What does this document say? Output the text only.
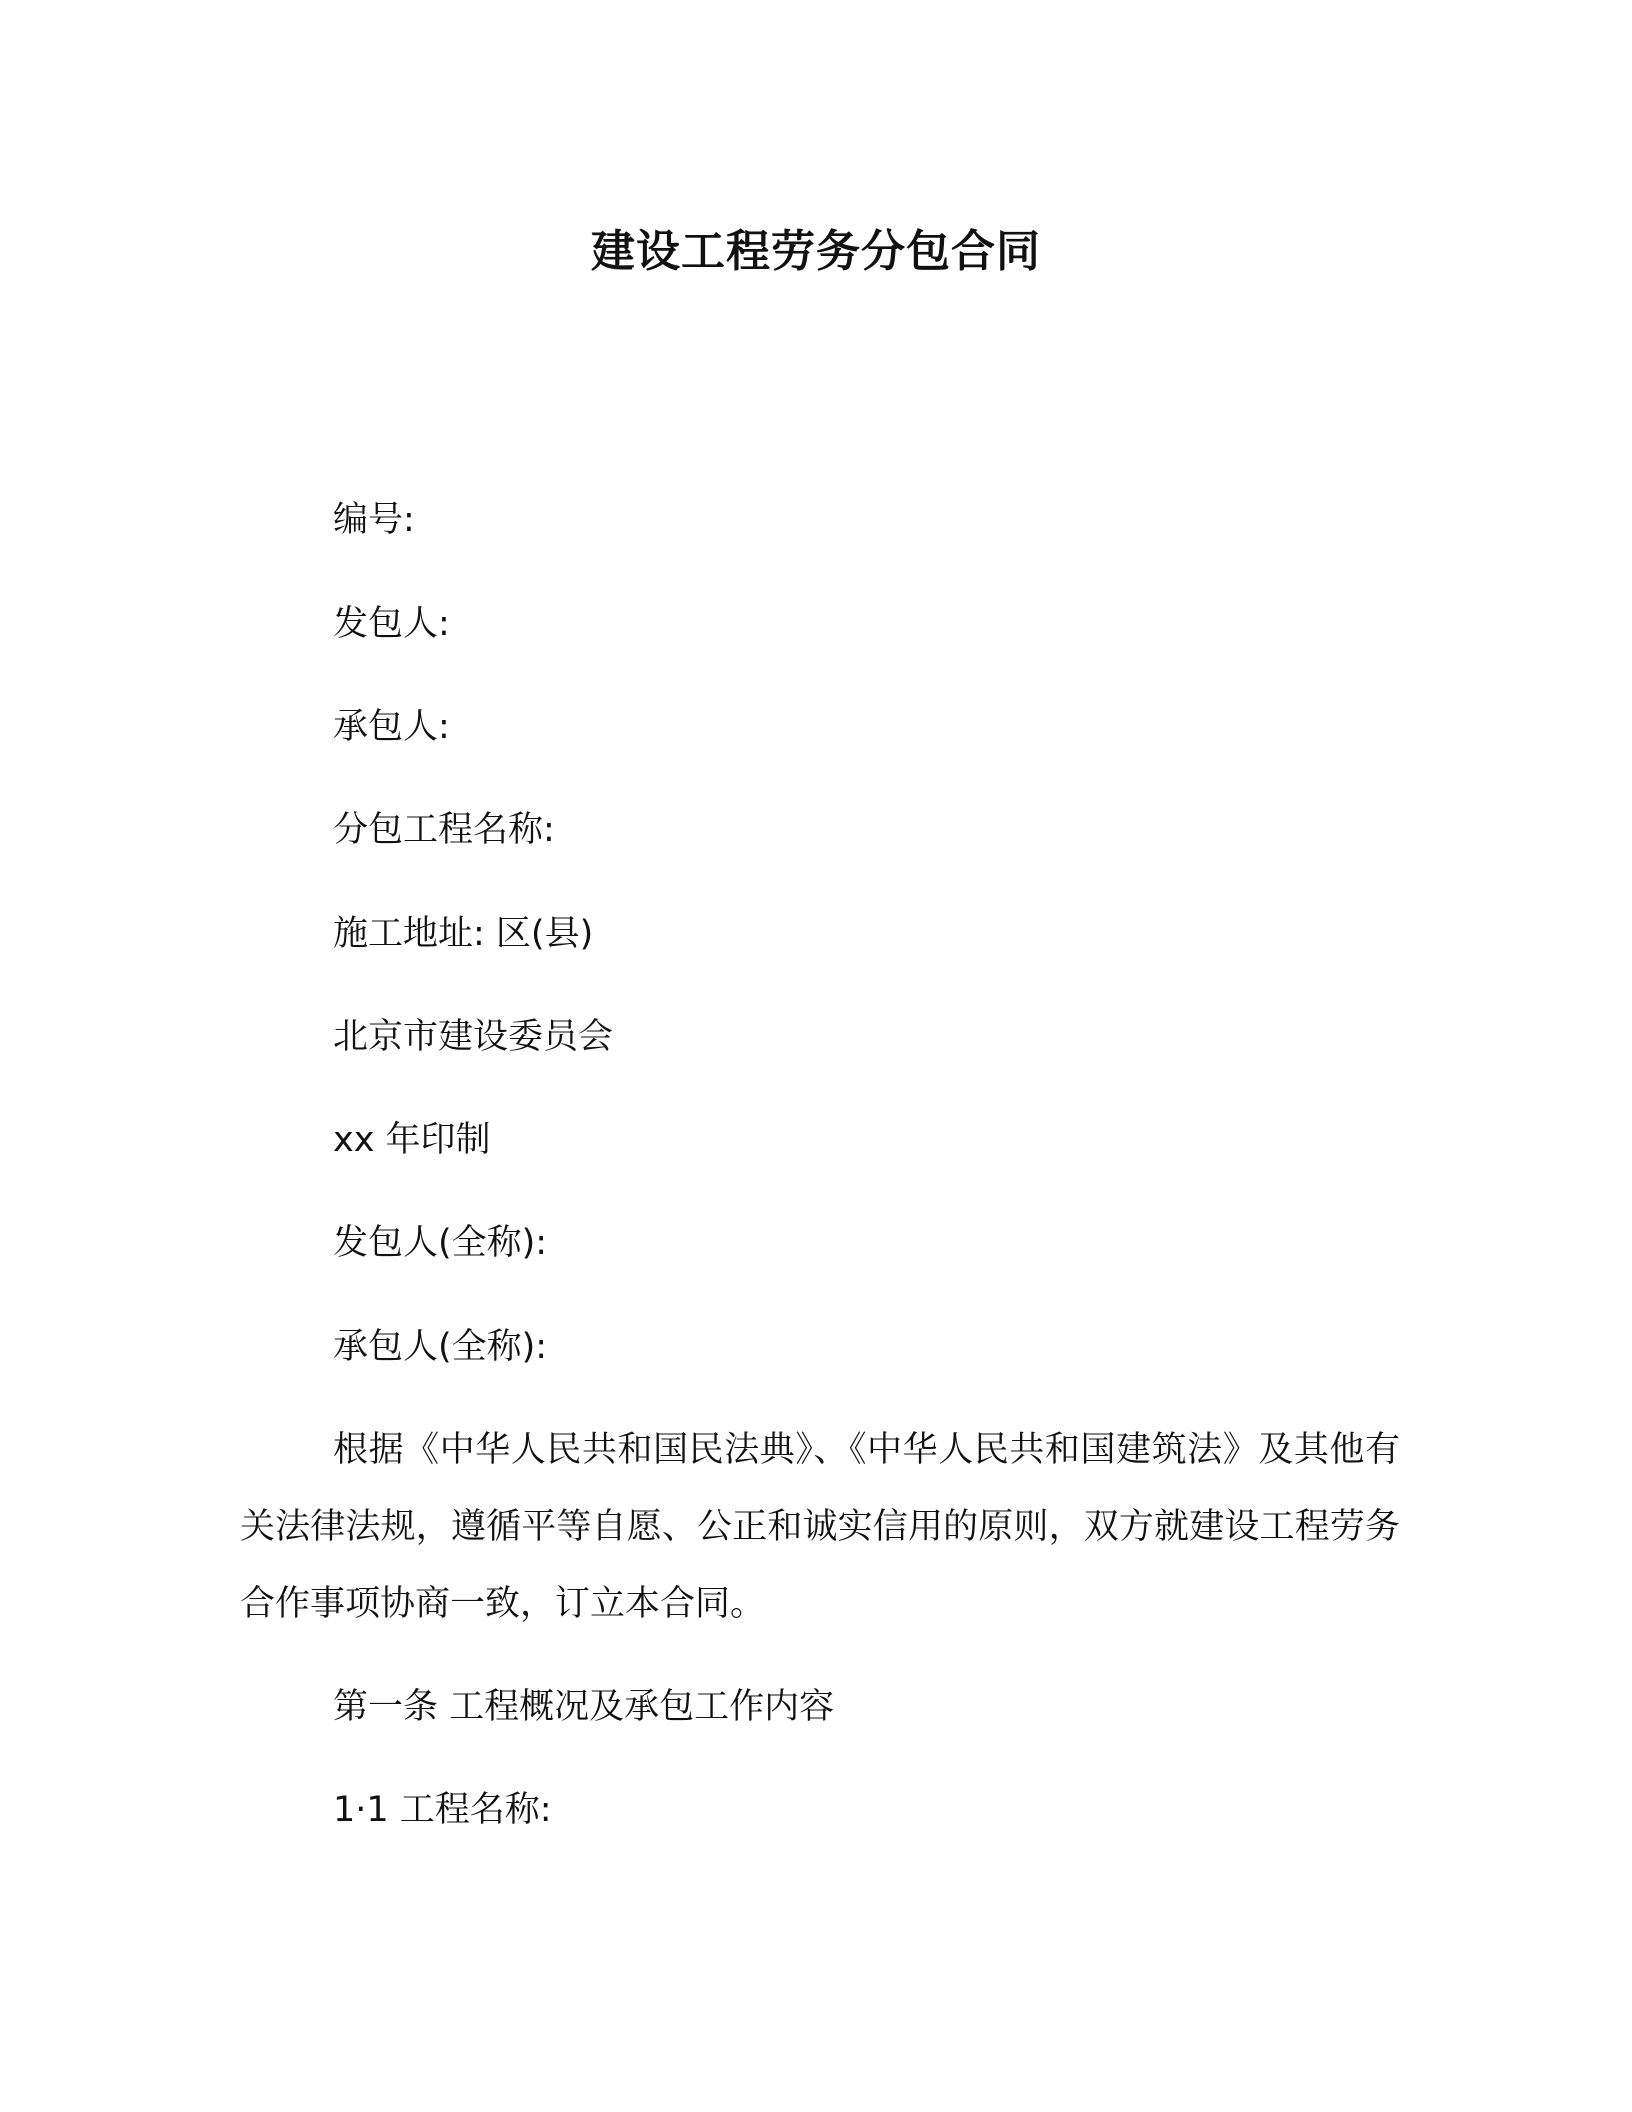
建设工程劳务分包合同
编号:
发包人:
承包人:
分包工程名称:
施工地址: 区(县)
北京市建设委员会
xx 年印制
发包人(全称):
承包人(全称):
根据《中华人民共和国民法典》、《中华人民共和国建筑法》及其他有关法律法规，遵循平等自愿、公正和诚实信用的原则，双方就建设工程劳务合作事项协商一致，订立本合同。
第一条 工程概况及承包工作内容
1·1 工程名称:
